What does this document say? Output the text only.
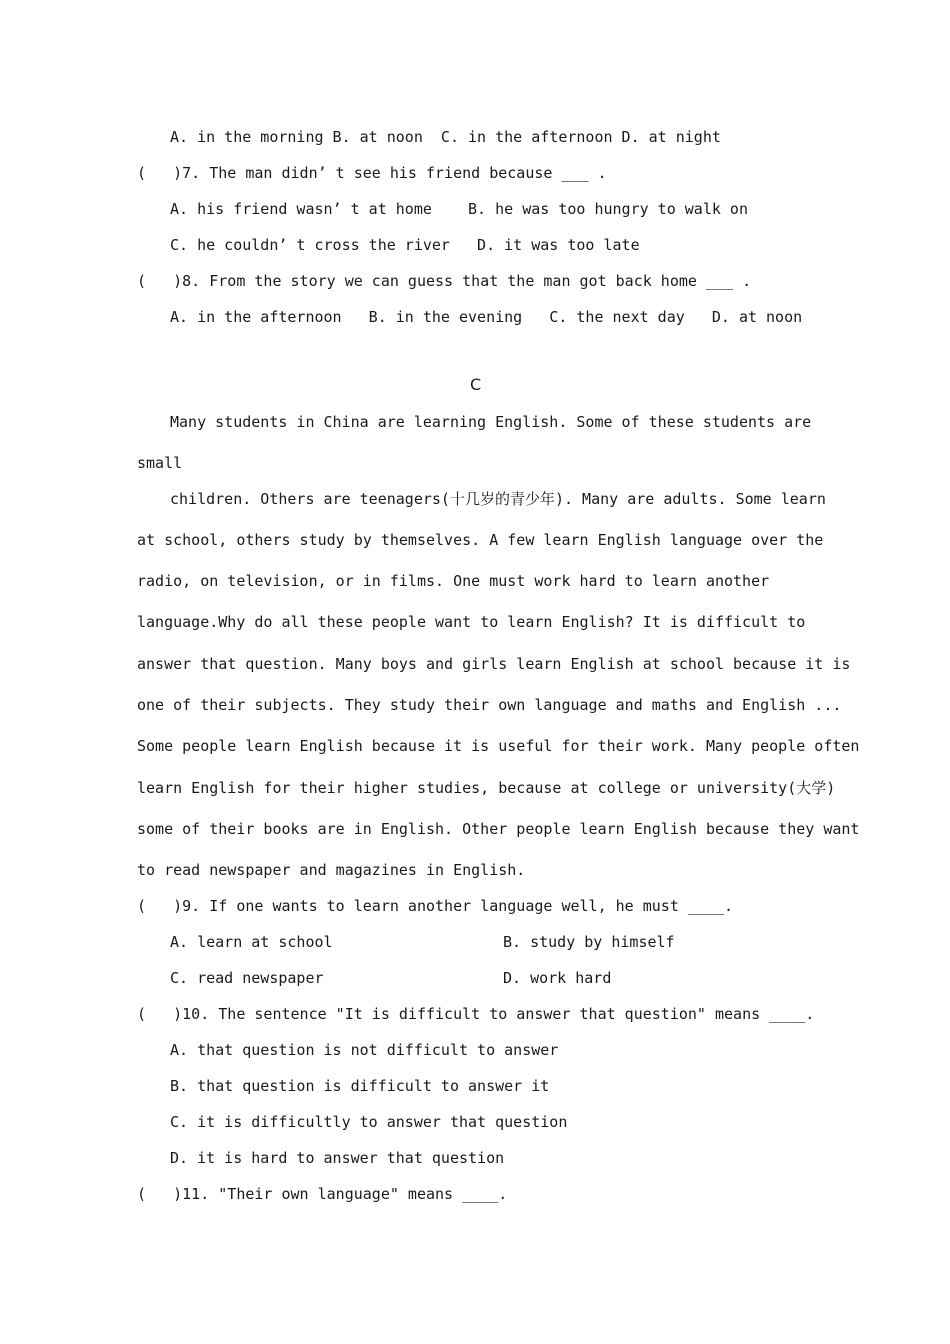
A. in the morning B. at noon  C. in the afternoon D. at night
(   )7. The man didn’ t see his friend because ___ .
A. his friend wasn’ t at home    B. he was too hungry to walk on
C. he couldn’ t cross the river   D. it was too late
(   )8. From the story we can guess that the man got back home ___ .
A. in the afternoon   B. in the evening   C. the next day   D. at noon
C
Many students in China are learning English. Some of these students are
small
children. Others are teenagers(十几岁的青少年). Many are adults. Some learn
at school, others study by themselves. A few learn English language over the
radio, on television, or in films. One must work hard to learn another
language.Why do all these people want to learn English? It is difficult to
answer that question. Many boys and girls learn English at school because it is
one of their subjects. They study their own language and maths and English ...
Some people learn English because it is useful for their work. Many people often
learn English for their higher studies, because at college or university(大学)
some of their books are in English. Other people learn English because they want
to read newspaper and magazines in English.
(   )9. If one wants to learn another language well, he must ____.
A. learn at school	B. study by himself
C. read newspaper	D. work hard
(   )10. The sentence "It is difficult to answer that question" means ____.
A. that question is not difficult to answer
B. that question is difficult to answer it
C. it is difficultly to answer that question
D. it is hard to answer that question
(   )11. "Their own language" means ____.
